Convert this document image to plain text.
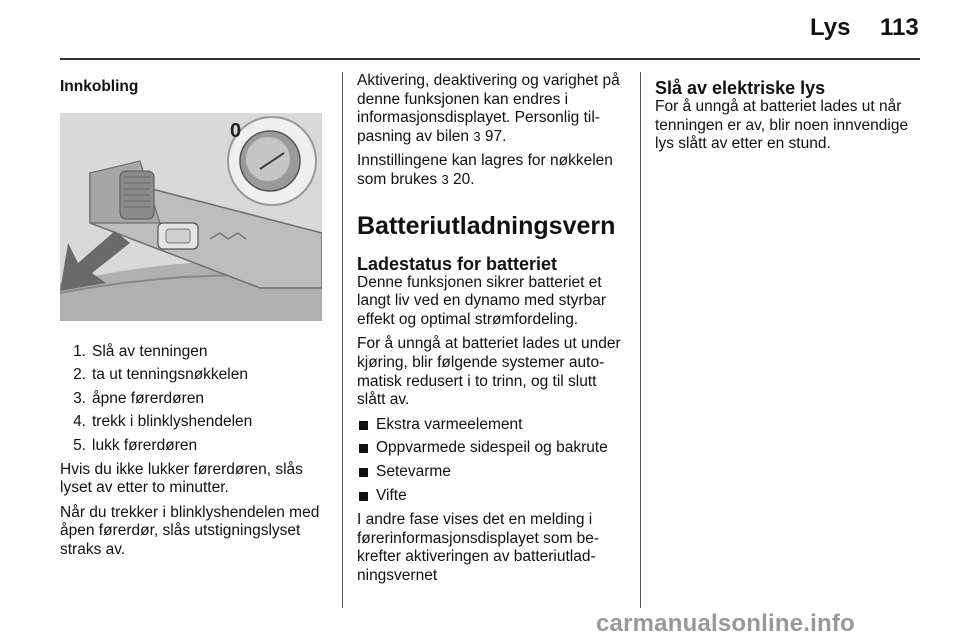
Lys 113
Innkobling
0
1. Slå av tenningen
2. ta ut tenningsnøkkelen
3. åpne førerdøren
4. trekk i blinklyshendelen
5. lukk førerdøren

Hvis du ikke lukker førerdøren, slås lyset av etter to minutter.

Når du trekker i blinklyshendelen med åpen førerdør, slås utstigningslyset straks av.

Aktivering, deaktivering og varighet på denne funksjonen kan endres i informasjonsdisplayet. Personlig til-pasning av bilen 3 97.

Innstillingene kan lagres for nøkkelen som brukes 3 20.

Batteriutladningsvern
Ladestatus for batteriet

Denne funksjonen sikrer batteriet et langt liv ved en dynamo med styrbar effekt og optimal strømfordeling.

For å unngå at batteriet lades ut under kjøring, blir følgende systemer auto-matisk redusert i to trinn, og til slutt slått av.

Ekstra varmeelement
Oppvarmede sidespeil og bakrute
Setevarme
Vifte

I andre fase vises det en melding i førerinformasjonsdisplayet som be-krefter aktiveringen av batteriutlad-ningsvernet

Slå av elektriske lys

For å unngå at batteriet lades ut når tenningen er av, blir noen innvendige lys slått av etter en stund.

carmanualsonline.info
